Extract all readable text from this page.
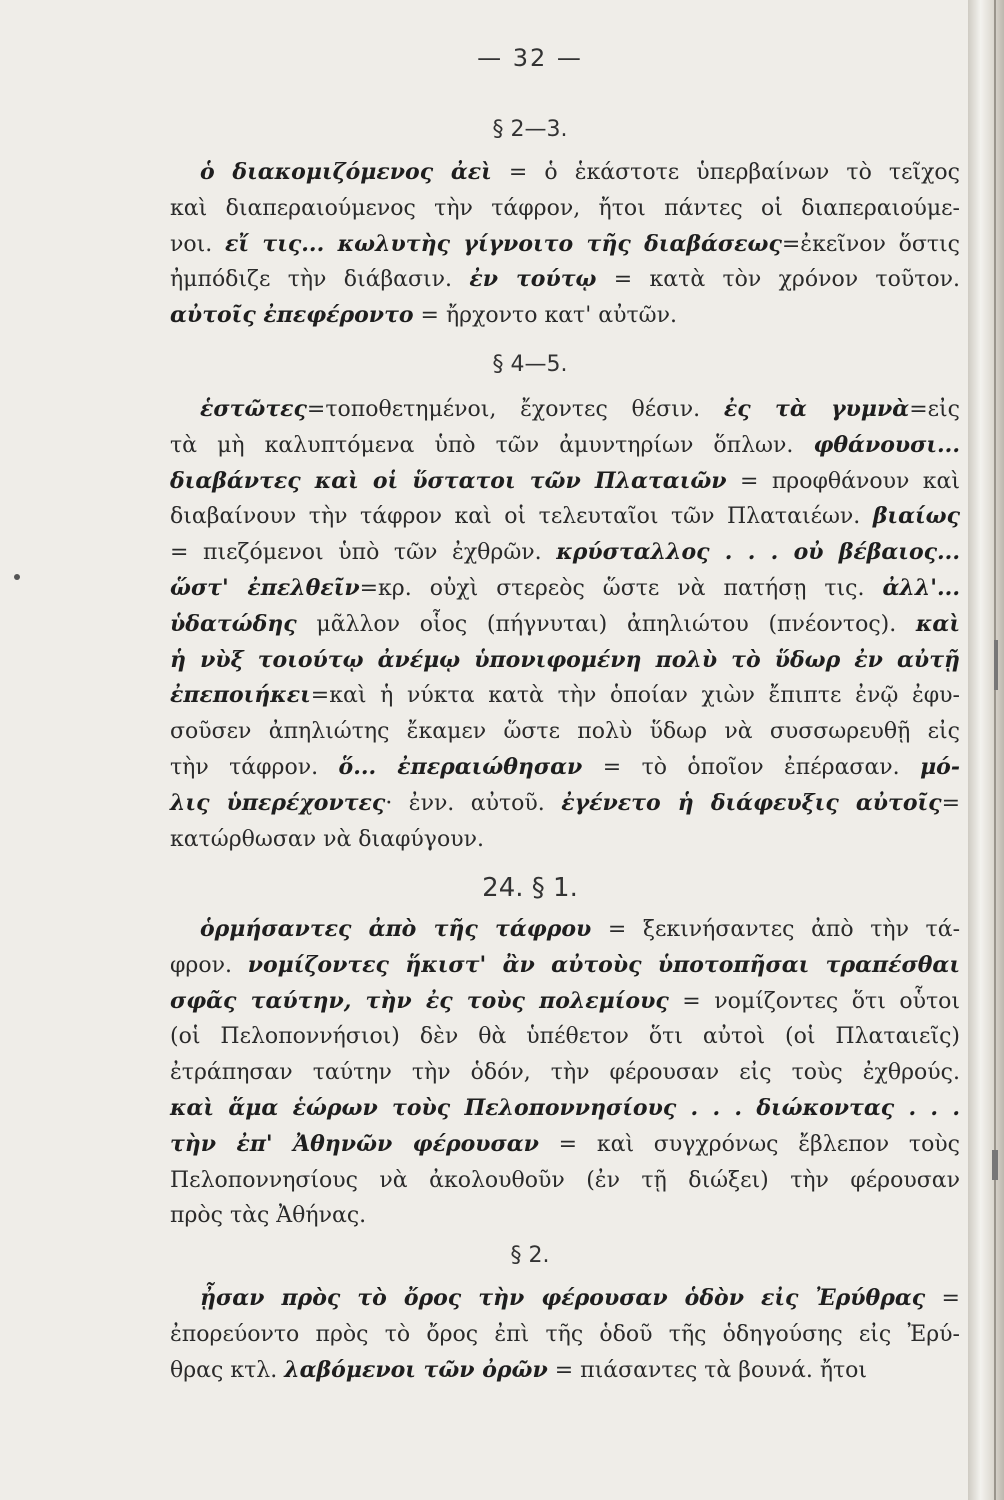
— 32 —
§ 2—3.
ὁ διακομιζόμενος ἀεὶ = ὁ ἑκάστοτε ὑπερβαίνων τὸ τεῖχος
καὶ διαπεραιούμενος τὴν τάφρον, ἤτοι πάντες οἱ διαπεραιούμε-
νοι. εἴ τις... κωλυτὴς γίγνοιτο τῆς διαβάσεως=ἐκεῖνον ὅστις
ἠμπόδιζε τὴν διάβασιν. ἐν τούτῳ = κατὰ τὸν χρόνον τοῦτον.
αὐτοῖς ἐπεφέροντο = ἤρχοντο κατ' αὐτῶν.
§ 4—5.
ἑστῶτες=τοποθετημένοι, ἔχοντες θέσιν. ἐς τὰ γυμνὰ=εἰς
τὰ μὴ καλυπτόμενα ὑπὸ τῶν ἀμυντηρίων ὅπλων. φθάνουσι...
διαβάντες καὶ οἱ ὕστατοι τῶν Πλαταιῶν = προφθάνουν καὶ
διαβαίνουν τὴν τάφρον καὶ οἱ τελευταῖοι τῶν Πλαταιέων. βιαίως
= πιεζόμενοι ὑπὸ τῶν ἐχθρῶν. κρύσταλλος . . . οὐ βέβαιος...
ὥστ' ἐπελθεῖν=κρ. οὐχὶ στερεὸς ὥστε νὰ πατήσῃ τις. ἀλλ'...
ὑδατώδης μᾶλλον οἷος (πήγνυται) ἀπηλιώτου (πνέοντος). καὶ
ἡ νὺξ τοιούτῳ ἀνέμῳ ὑπονιφομένη πολὺ τὸ ὕδωρ ἐν αὐτῇ
ἐπεποιήκει=καὶ ἡ νύκτα κατὰ τὴν ὁποίαν χιὼν ἔπιπτε ἐνῷ ἐφυ-
σοῦσεν ἀπηλιώτης ἔκαμεν ὥστε πολὺ ὕδωρ νὰ συσσωρευθῇ εἰς
τὴν τάφρον. ὅ... ἐπεραιώθησαν = τὸ ὁποῖον ἐπέρασαν. μό-
λις ὑπερέχοντες· ἐνν. αὐτοῦ. ἐγένετο ἡ διάφευξις αὐτοῖς=
κατώρθωσαν νὰ διαφύγουν.
24. § 1.
ὁρμήσαντες ἀπὸ τῆς τάφρου = ξεκινήσαντες ἀπὸ τὴν τά-
φρον. νομίζοντες ἥκιστ' ἂν αὐτοὺς ὑποτοπῆσαι τραπέσθαι
σφᾶς ταύτην, τὴν ἐς τοὺς πολεμίους = νομίζοντες ὅτι οὗτοι
(οἱ Πελοποννήσιοι) δὲν θὰ ὑπέθετον ὅτι αὐτοὶ (οἱ Πλαταιεῖς)
ἐτράπησαν ταύτην τὴν ὁδόν, τὴν φέρουσαν εἰς τοὺς ἐχθρούς.
καὶ ἅμα ἑώρων τοὺς Πελοποννησίους . . . διώκοντας . . .
τὴν ἐπ' Ἀθηνῶν φέρουσαν = καὶ συγχρόνως ἔβλεπον τοὺς
Πελοποννησίους νὰ ἀκολουθοῦν (ἐν τῇ διώξει) τὴν φέρουσαν
πρὸς τὰς Ἀθήνας.
§ 2.
ᾖσαν πρὸς τὸ ὄρος τὴν φέρουσαν ὁδὸν εἰς Ἐρύθρας =
ἐπορεύοντο πρὸς τὸ ὄρος ἐπὶ τῆς ὁδοῦ τῆς ὁδηγούσης εἰς Ἐρύ-
θρας κτλ. λαβόμενοι τῶν ὀρῶν = πιάσαντες τὰ βουνά. ἤτοι
